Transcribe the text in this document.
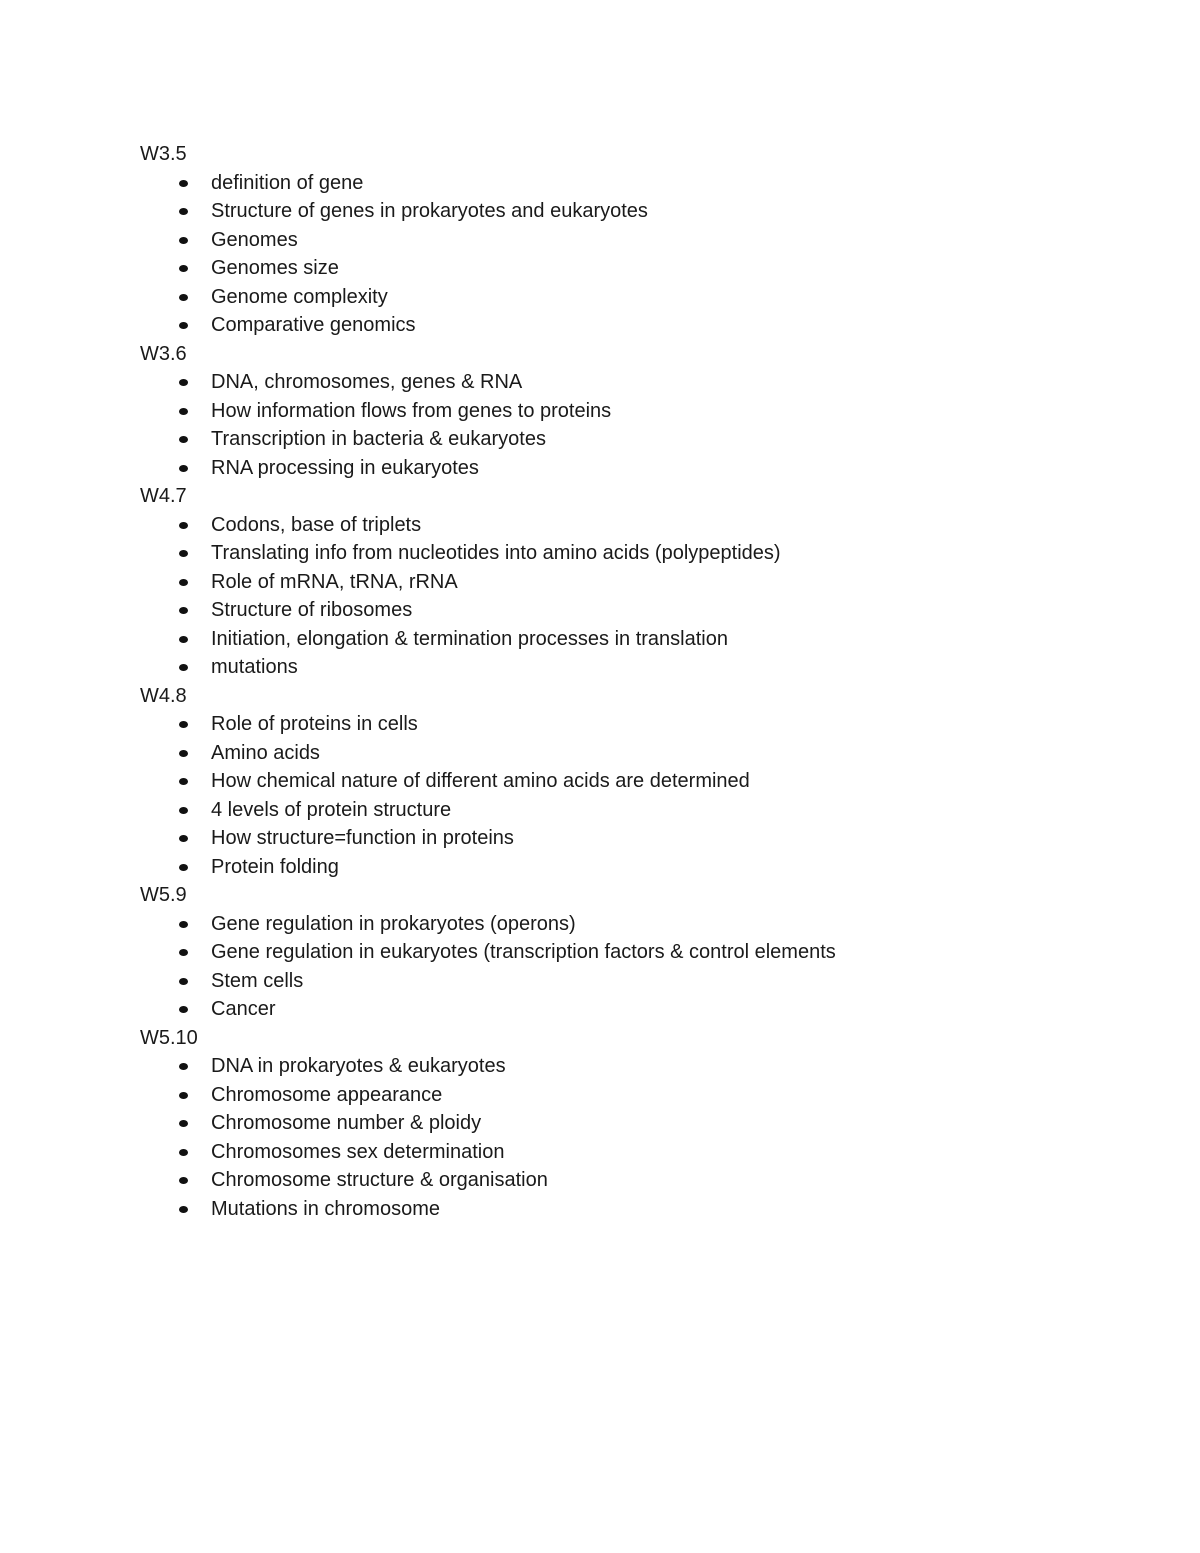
W3.5
definition of gene
Structure of genes in prokaryotes and eukaryotes
Genomes
Genomes size
Genome complexity
Comparative genomics
W3.6
DNA, chromosomes, genes & RNA
How information flows from genes to proteins
Transcription in bacteria & eukaryotes
RNA processing in eukaryotes
W4.7
Codons, base of triplets
Translating info from nucleotides into amino acids (polypeptides)
Role of mRNA, tRNA, rRNA
Structure of ribosomes
Initiation, elongation & termination processes in translation
mutations
W4.8
Role of proteins in cells
Amino acids
How chemical nature of different amino acids are determined
4 levels of protein structure
How structure=function in proteins
Protein folding
W5.9
Gene regulation in prokaryotes (operons)
Gene regulation in eukaryotes (transcription factors & control elements
Stem cells
Cancer
W5.10
DNA in prokaryotes & eukaryotes
Chromosome appearance
Chromosome number & ploidy
Chromosomes sex determination
Chromosome structure & organisation
Mutations in chromosome
